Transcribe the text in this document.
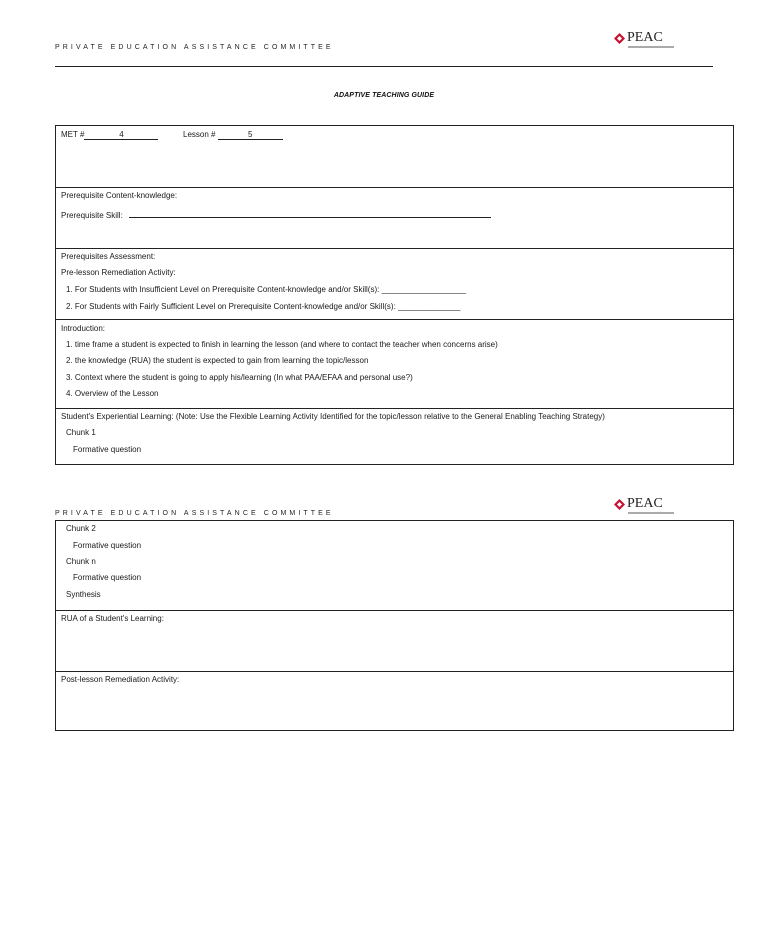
PRIVATE EDUCATION ASSISTANCE COMMITTEE
PEAC
ADAPTIVE TEACHING GUIDE
MET #	4	Lesson #	5
Prerequisite Content-knowledge:
Prerequisite Skill:
Prerequisites Assessment:
Pre-lesson Remediation Activity:
1. For Students with Insufficient Level on Prerequisite Content-knowledge and/or Skill(s): ___________________
2. For Students with Fairly Sufficient Level on Prerequisite Content-knowledge and/or Skill(s): ______________
Introduction:
1. time frame a student is expected to finish in learning the lesson (and where to contact the teacher when concerns arise)
2. the knowledge (RUA) the student is expected to gain from learning the topic/lesson
3. Context where the student is going to apply his/learning (In what PAA/EFAA and personal use?)
4. Overview of the Lesson
Student's Experiential Learning: (Note: Use the Flexible Learning Activity Identified for the topic/lesson relative to the General Enabling Teaching Strategy)
Chunk 1
Formative question
PRIVATE EDUCATION ASSISTANCE COMMITTEE
PEAC
Chunk 2
Formative question
Chunk n
Formative question
Synthesis
RUA of a Student's Learning:
Post-lesson Remediation Activity:
